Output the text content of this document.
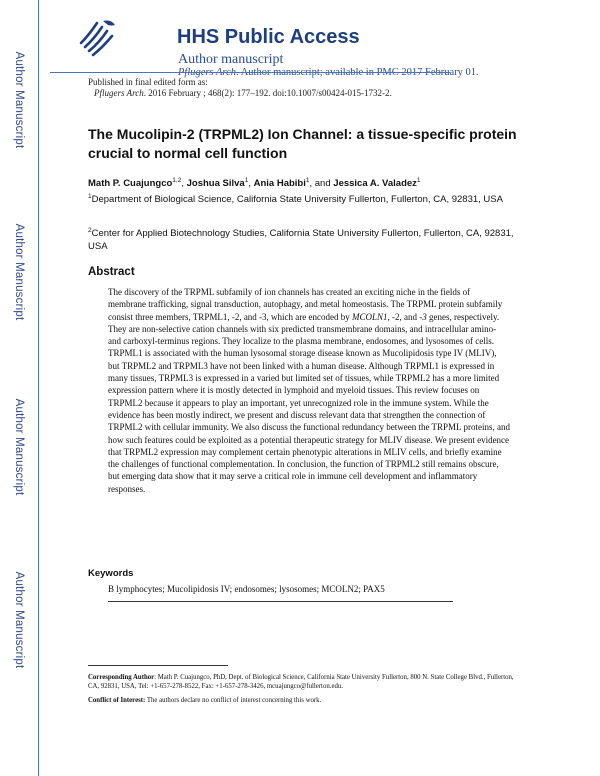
Author Manuscript
Author Manuscript
Author Manuscript
Author Manuscript
HHS Public Access
Author manuscript
Pflugers Arch. Author manuscript; available in PMC 2017 February 01.
Published in final edited form as:
Pflugers Arch. 2016 February ; 468(2): 177–192. doi:10.1007/s00424-015-1732-2.
The Mucolipin-2 (TRPML2) Ion Channel: a tissue-specific protein crucial to normal cell function
Math P. Cuajungco$^{1,2}$, Joshua Silva$^1$, Ania Habibi$^1$, and Jessica A. Valadez$^1$
$^1$Department of Biological Science, California State University Fullerton, Fullerton, CA, 92831, USA
$^2$Center for Applied Biotechnology Studies, California State University Fullerton, Fullerton, CA, 92831, USA
Abstract
The discovery of the TRPML subfamily of ion channels has created an exciting niche in the fields of membrane trafficking, signal transduction, autophagy, and metal homeostasis. The TRPML protein subfamily consist three members, TRPML1, -2, and -3, which are encoded by MCOLN1, -2, and -3 genes, respectively. They are non-selective cation channels with six predicted transmembrane domains, and intracellular amino- and carboxyl-terminus regions. They localize to the plasma membrane, endosomes, and lysosomes of cells. TRPML1 is associated with the human lysosomal storage disease known as Mucolipidosis type IV (MLIV), but TRPML2 and TRPML3 have not been linked with a human disease. Although TRPML1 is expressed in many tissues, TRPML3 is expressed in a varied but limited set of tissues, while TRPML2 has a more limited expression pattern where it is mostly detected in lymphoid and myeloid tissues. This review focuses on TRPML2 because it appears to play an important, yet unrecognized role in the immune system. While the evidence has been mostly indirect, we present and discuss relevant data that strengthen the connection of TRPML2 with cellular immunity. We also discuss the functional redundancy between the TRPML proteins, and how such features could be exploited as a potential therapeutic strategy for MLIV disease. We present evidence that TRPML2 expression may complement certain phenotypic alterations in MLIV cells, and briefly examine the challenges of functional complementation. In conclusion, the function of TRPML2 still remains obscure, but emerging data show that it may serve a critical role in immune cell development and inflammatory responses.
Keywords
B lymphocytes; Mucolipidosis IV; endosomes; lysosomes; MCOLN2; PAX5
Corresponding Author: Math P. Cuajungco, PhD, Dept. of Biological Science, California State University Fullerton, 800 N. State College Blvd., Fullerton, CA, 92831, USA, Tel: +1-657-278-8522, Fax: +1-657-278-3426, mcuajungco@fullerton.edu.
Conflict of Interest: The authors declare no conflict of interest concerning this work.
